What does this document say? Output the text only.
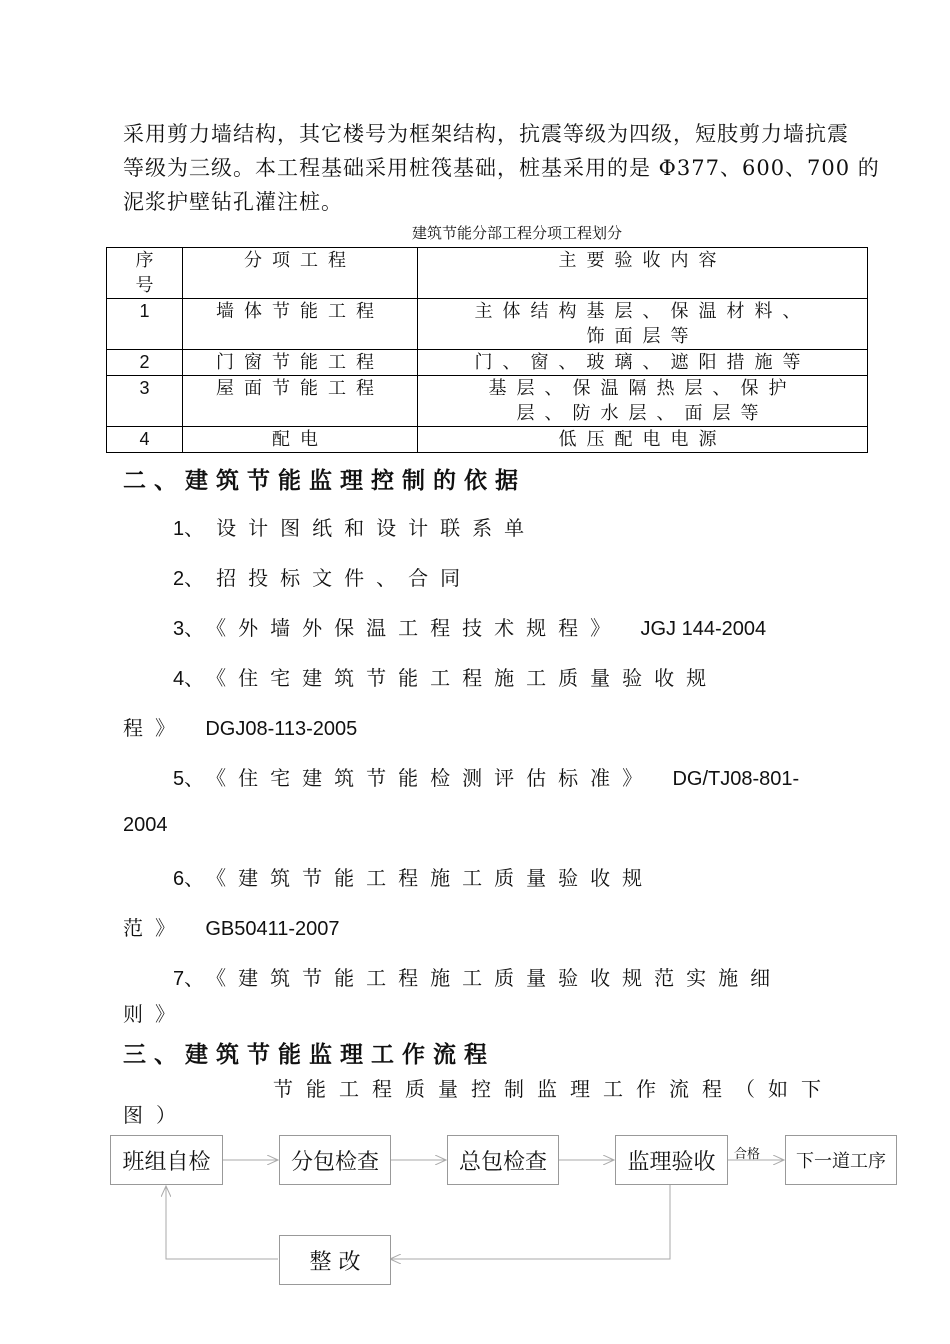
采用剪力墙结构，其它楼号为框架结构，抗震等级为四级，短肢剪力墙抗震
等级为三级。本工程基础采用桩筏基础，桩基采用的是 Φ377、600、700 的
泥浆护壁钻孔灌注桩。
建筑节能分部工程分项工程划分
序
号	分项工程	主要验收内容
1	墙体节能工程	主体结构基层、保温材料、
饰面层等

2	门窗节能工程	门、窗、玻璃、遮阳措施等
3	屋面节能工程	基层、保温隔热层、保护
层、防水层、面层等

4	配电	低压配电电源
二、建筑节能监理控制的依据
1、设计图纸和设计联系单
2、招投标文件、合同
3、《外墙外保温工程技术规程》 JGJ 144-2004
4、《住宅建筑节能工程施工质量验收规
程》 DGJ08-113-2005
5、《住宅建筑节能检测评估标准》 DG/TJ08-801-
2004
6、《建筑节能工程施工质量验收规
范》 GB50411-2007
7、《建筑节能工程施工质量验收规范实施细
则》
三、建筑节能监理工作流程
节能工程质量控制监理工作流程（如下
图）
班组自检	分包检查	总包检查	监理验收	下一道工序
整 改
合格
